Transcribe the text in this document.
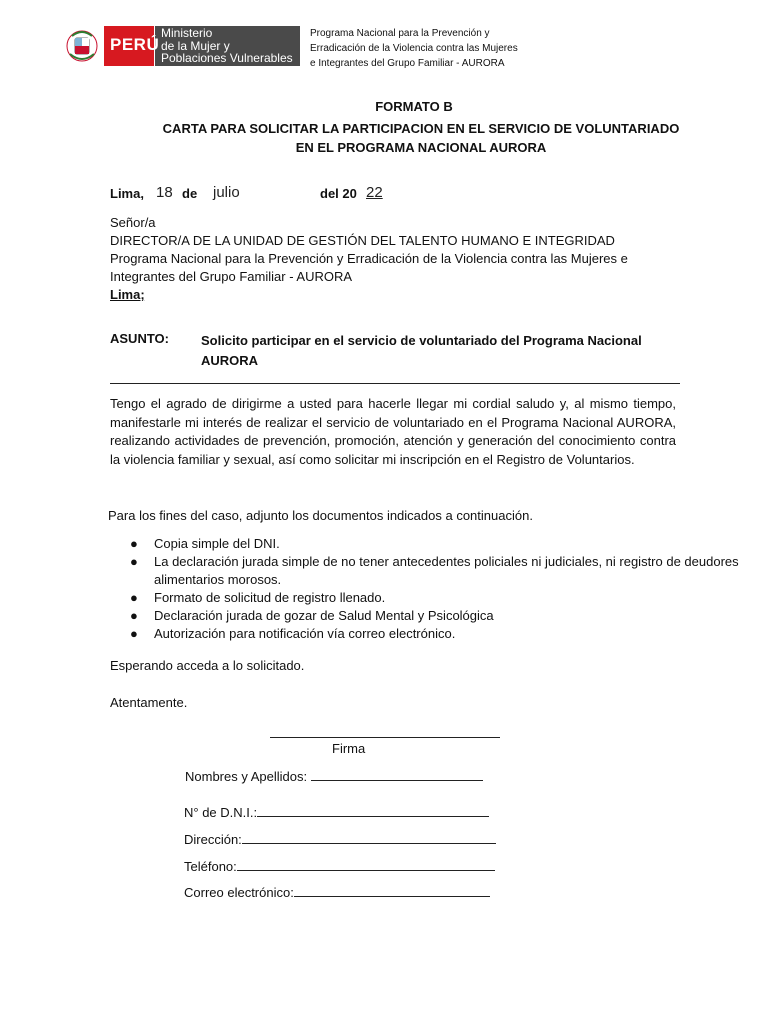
PERÚ
Ministerio
de la Mujer y
Poblaciones Vulnerables
Programa Nacional para la Prevención y
Erradicación de la Violencia contra las Mujeres
e Integrantes del Grupo Familiar - AURORA
FORMATO B
CARTA PARA SOLICITAR LA PARTICIPACION EN EL SERVICIO DE VOLUNTARIADO
EN EL PROGRAMA NACIONAL AURORA
Lima, 18 de julio	del 20 22
Señor/a
DIRECTOR/A DE LA UNIDAD DE GESTIÓN DEL TALENTO HUMANO E INTEGRIDAD
Programa Nacional para la Prevención y Erradicación de la Violencia contra las Mujeres e
Integrantes del Grupo Familiar - AURORA
Lima;
ASUNTO: Solicito participar en el servicio de voluntariado del Programa Nacional
AURORA
Tengo el agrado de dirigirme a usted para hacerle llegar mi cordial saludo y, al mismo tiempo, manifestarle mi interés de realizar el servicio de voluntariado en el Programa Nacional AURORA, realizando actividades de prevención, promoción, atención y generación del conocimiento contra la violencia familiar y sexual, así como solicitar mi inscripción en el Registro de Voluntarios.
Para los fines del caso, adjunto los documentos indicados a continuación.
● Copia simple del DNI.
● La declaración jurada simple de no tener antecedentes policiales ni judiciales, ni registro de deudores alimentarios morosos.
● Formato de solicitud de registro llenado.
● Declaración jurada de gozar de Salud Mental y Psicológica
● Autorización para notificación vía correo electrónico.
Esperando acceda a lo solicitado.
Atentamente.
Firma
Nombres y Apellidos:
N° de D.N.I.:
Dirección:
Teléfono:
Correo electrónico:
